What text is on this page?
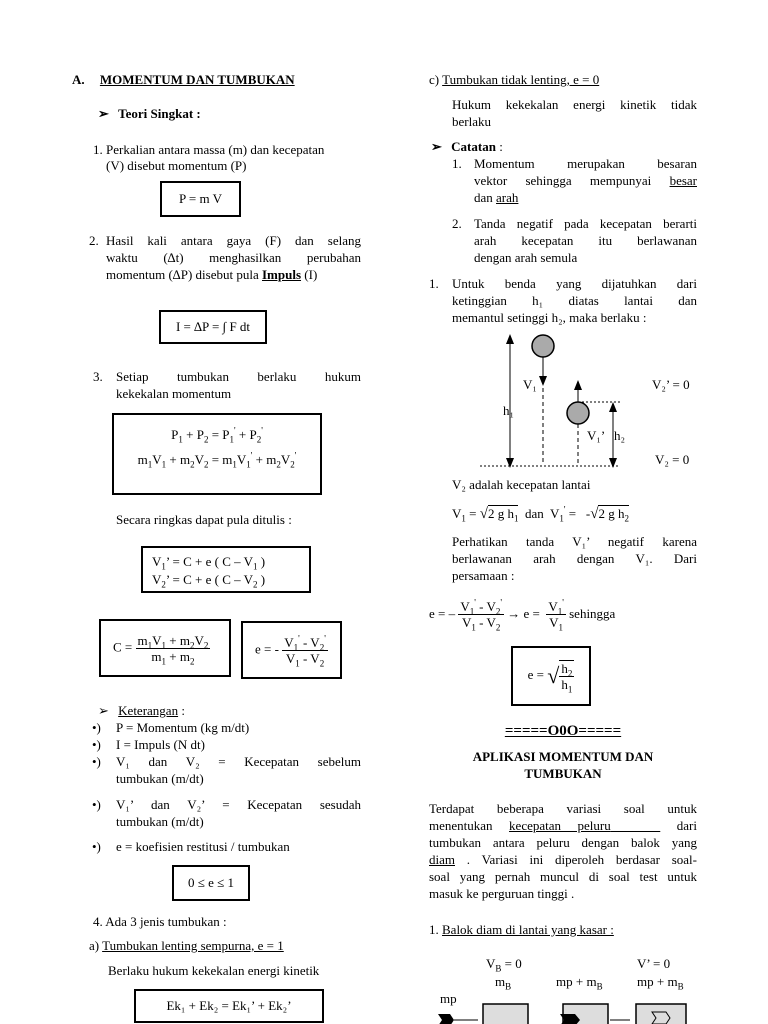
A. MOMENTUM DAN TUMBUKAN
➢ Teori Singkat :
1. Perkalian antara massa (m) dan kecepatan
(V) disebut momentum (P)
P = m V
2. Hasil kali antara gaya (F) dan selang
waktu (∆t) menghasilkan perubahan
momentum (∆P) disebut pula Impuls (I)
I = ∆P = ∫ F dt
3. Setiap tumbukan berlaku hukum
kekekalan momentum
$P_1 + P_2 = P_1' + P_2'$
$m_1V_1 + m_2V_2 = m_1V_1' + m_2V_2'$
Secara ringkas dapat pula ditulis :
$V_1$’ = C + e ( C – $V_1$ )
$V_2$’ = C + e ( C – $V_2$ )
$C = \frac{m_1V_1 + m_2V_2}{m_1 + m_2}$	e = - $\frac{V_1' - V_2'}{V_1 - V_2}$
➢ Keterangan :
•) P = Momentum (kg m/dt)
•) I = Impuls (N dt)
•) V₁ dan V₂ = Kecepatan sebelum
tumbukan (m/dt)
•) V₁’ dan V₂’ = Kecepatan sesudah
tumbukan (m/dt)
•) e = koefisien restitusi / tumbukan
0 ≤ e ≤ 1
4. Ada 3 jenis tumbukan :
a) Tumbukan lenting sempurna, e = 1
Berlaku hukum kekekalan energi kinetik
Ek₁ + Ek₂ = Ek₁’ + Ek₂’
c) Tumbukan tidak lenting, e = 0
Hukum kekekalan energi kinetik tidak
berlaku
➢ Catatan :
1. Momentum merupakan besaran
vektor sehingga mempunyai besar
dan arah
2. Tanda negatif pada kecepatan berarti
arah kecepatan itu berlawanan
dengan arah semula
1. Untuk benda yang dijatuhkan dari
ketinggian h₁ diatas lantai dan
memantul setinggi h₂, maka berlaku :
V₁
h₁
V₁’ h₂
V₂’ = 0
V₂ = 0
V₂ adalah kecepatan lantai
$V_1 = √2$ g $h_1$  dan  $V_1' = -√2$ g $h_2$
Perhatikan tanda V₁’ negatif karena
berlawanan arah dengan V₁. Dari
persamaan :
e = – $\frac{V_1' - V_2'}{V_1 - V_2} \to e = \frac{V_1'}{V_1}$
sehingga
e = √ $\frac{h_2}{h_1}$
=====O0O=====
APLIKASI MOMENTUM DAN
TUMBUKAN
Terdapat beberapa variasi soal untuk
menentukan kecepatan peluru	dari
tumbukan antara peluru dengan balok yang
diam . Variasi ini diperoleh berdasar soal-
soal yang pernah muncul di soal test untuk
masuk ke perguruan tinggi .
1. Balok diam di lantai yang kasar :
$V_B = 0$	V’ = 0
$m_B$	mp + $m_B$	mp + $m_B$
mp
